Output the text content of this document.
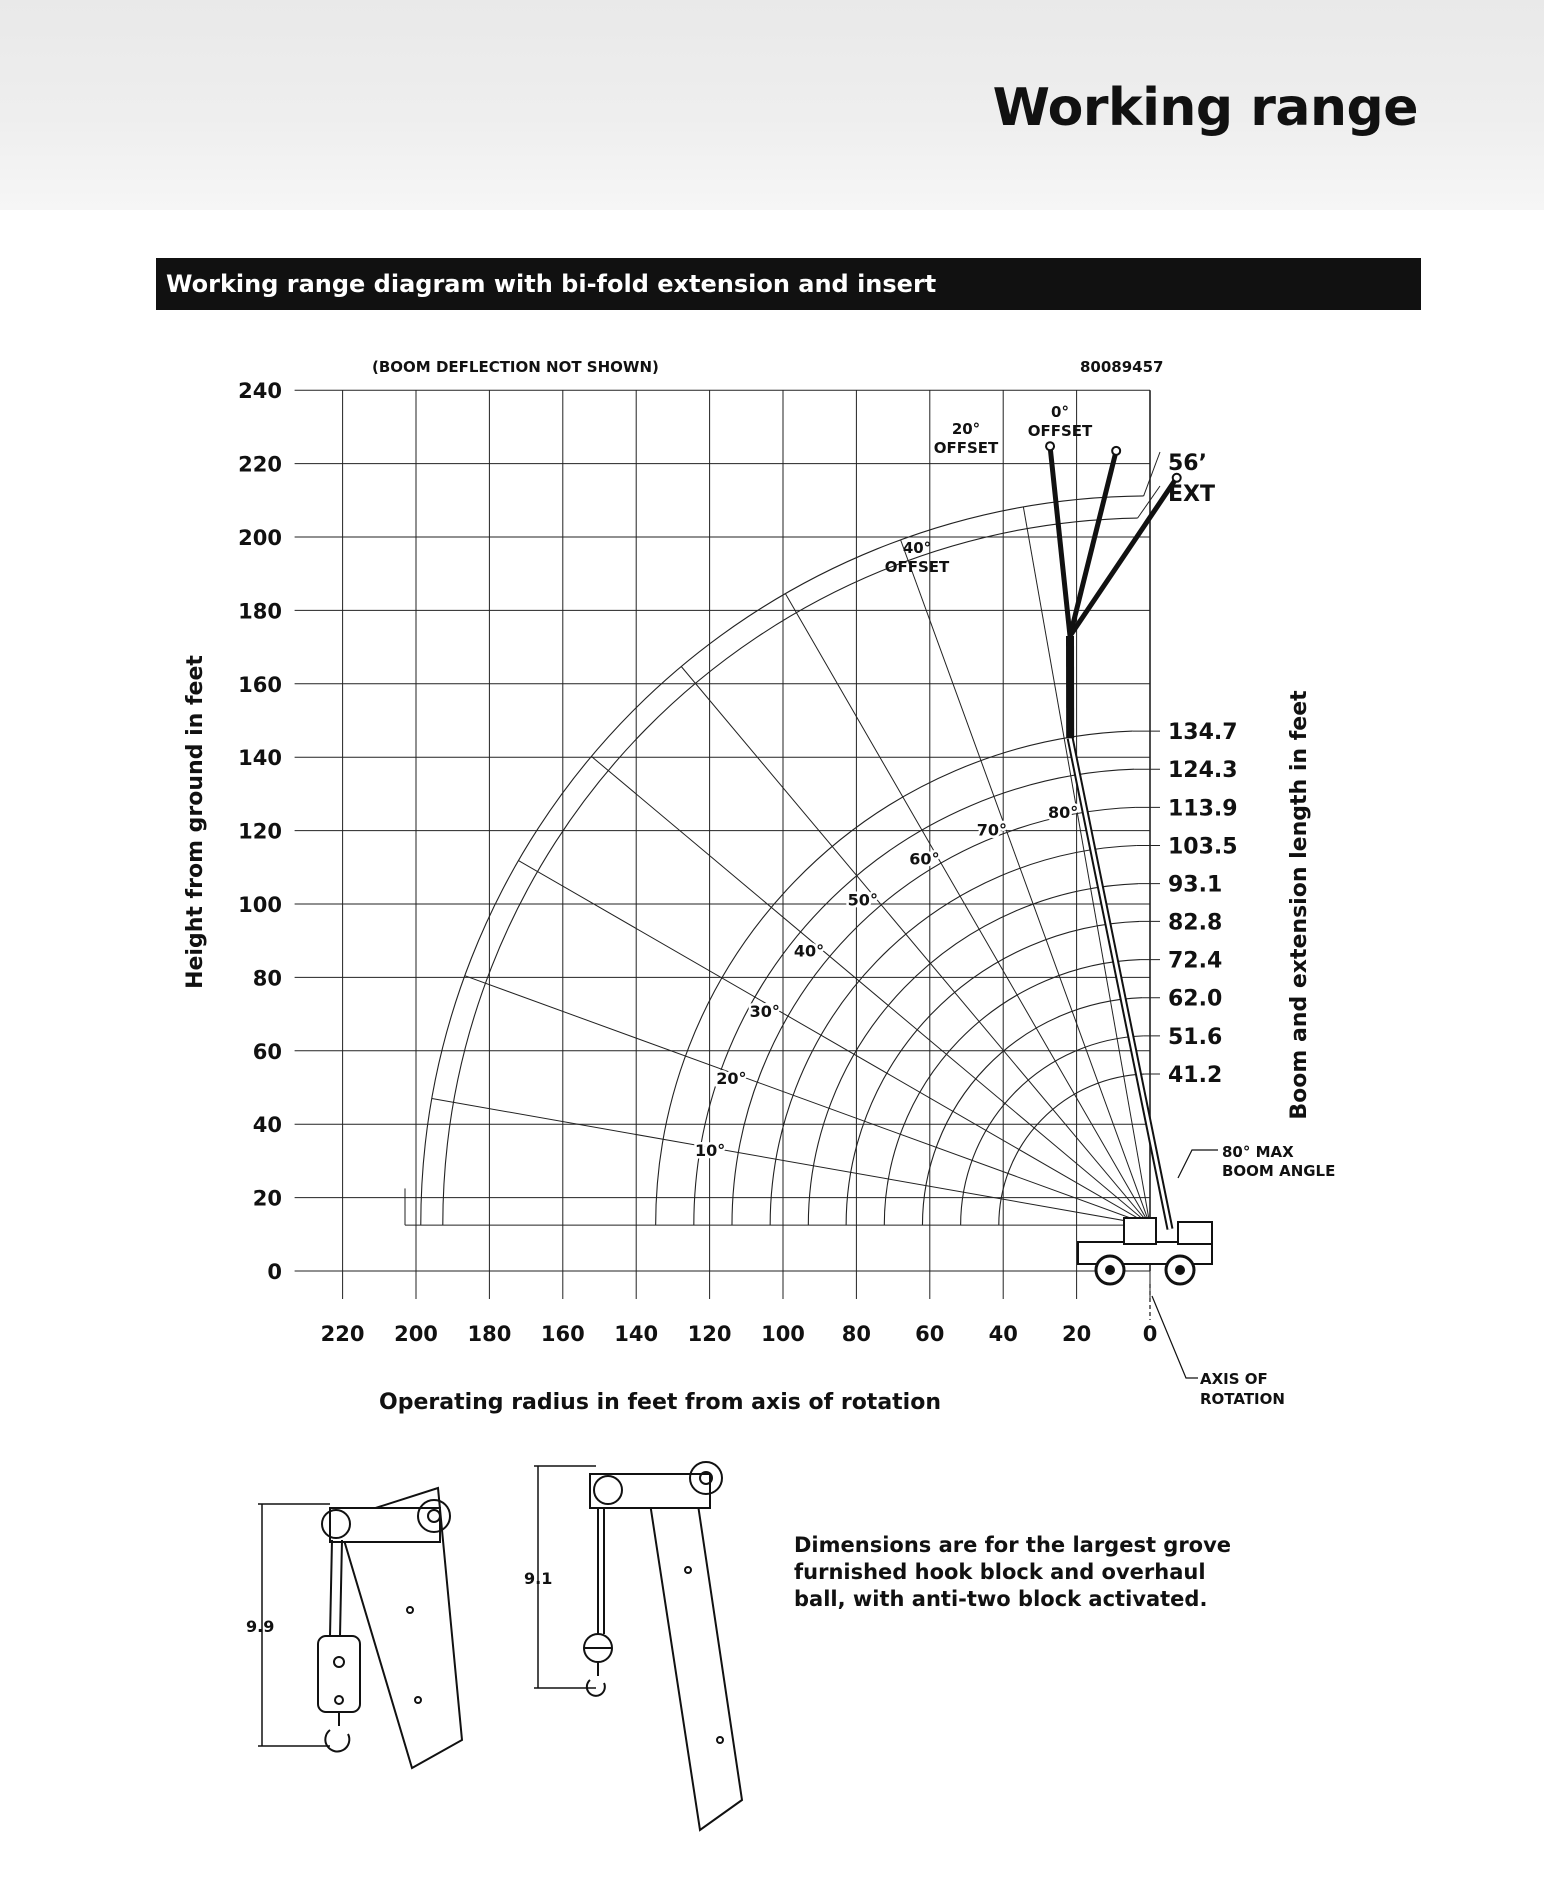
Working range
Working range diagram with bi-fold extension and insert
134.7
124.3
113.9
103.5
93.1
82.8
72.4
62.0
51.6
41.2
10°
20°
30°
40°
50°
60°
70°
80°
220 200 180 160 140 120 100 80 60 40 20 0
240
220
200
180
160
140
120
100
80
60
40
20
0
(BOOM DEFLECTION NOT SHOWN)	80089457
56’
EXT
0°
OFFSET
20°
OFFSET
40°
OFFSET
80° MAX
BOOM ANGLE
AXIS OF
ROTATION
Height from ground in feet
Operating radius in feet from axis of rotation
Boom and extension length in feet
9.9
9.1
Dimensions are for the largest grove furnished hook block and overhaul ball, with anti-two block activated.
